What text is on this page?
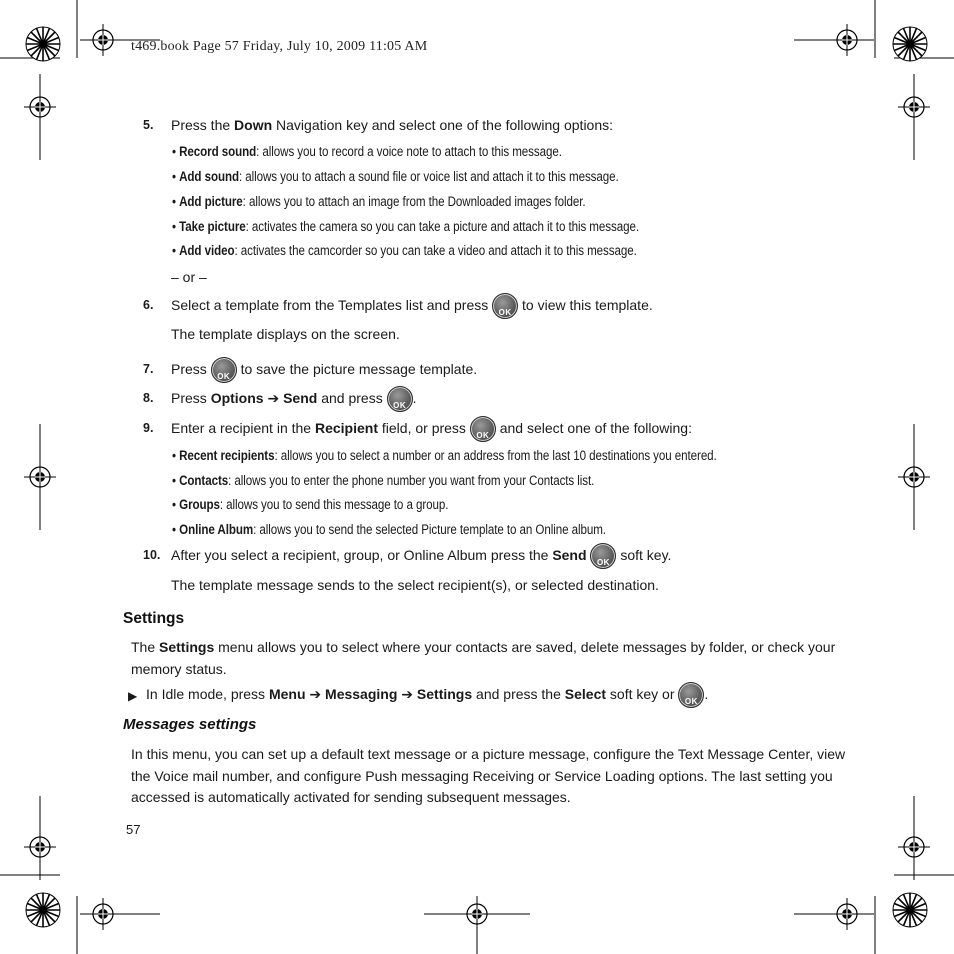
t469.book Page 57 Friday, July 10, 2009 11:05 AM
5. Press the Down Navigation key and select one of the following options:
• Record sound: allows you to record a voice note to attach to this message.
• Add sound: allows you to attach a sound file or voice list and attach it to this message.
• Add picture: allows you to attach an image from the Downloaded images folder.
• Take picture: activates the camera so you can take a picture and attach it to this message.
• Add video: activates the camcorder so you can take a video and attach it to this message.
– or –
6. Select a template from the Templates list and press OK to view this template.
The template displays on the screen.
7. Press OK to save the picture message template.
8. Press Options ➔ Send and press OK.
9. Enter a recipient in the Recipient field, or press OK and select one of the following:
• Recent recipients: allows you to select a number or an address from the last 10 destinations you entered.
• Contacts: allows you to enter the phone number you want from your Contacts list.
• Groups: allows you to send this message to a group.
• Online Album: allows you to send the selected Picture template to an Online album.
10. After you select a recipient, group, or Online Album press the Send OK soft key.
The template message sends to the select recipient(s), or selected destination.
Settings
The Settings menu allows you to select where your contacts are saved, delete messages by folder, or check your
memory status.
▶ In Idle mode, press Menu ➔ Messaging ➔ Settings and press the Select soft key or OK.
Messages settings
In this menu, you can set up a default text message or a picture message, configure the Text Message Center, view
the Voice mail number, and configure Push messaging Receiving or Service Loading options. The last setting you
accessed is automatically activated for sending subsequent messages.
57
